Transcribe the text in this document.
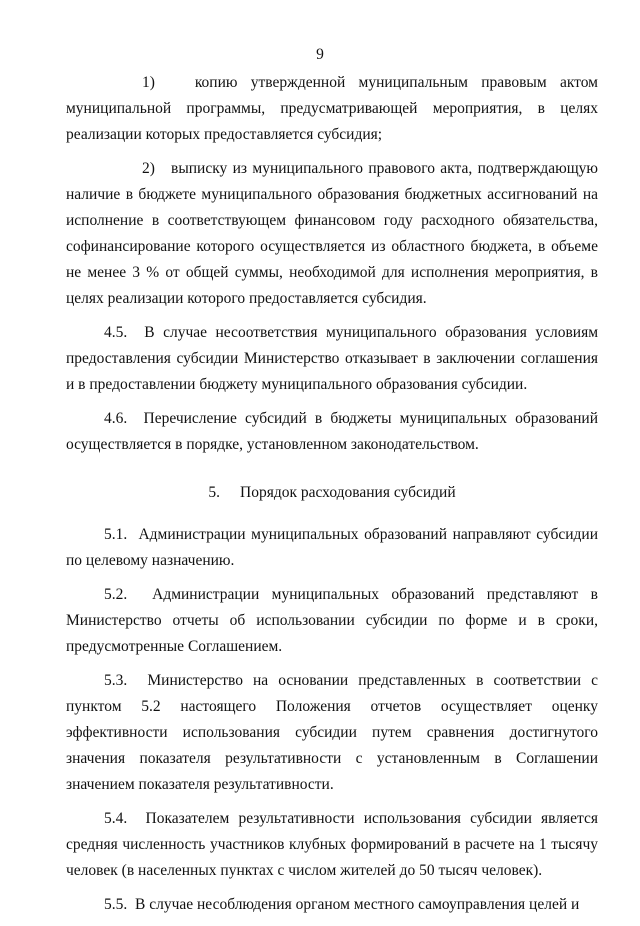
9

1)	копию утвержденной муниципальным правовым актом муниципальной программы, предусматривающей мероприятия, в целях реализации которых предоставляется субсидия;

2) выписку из муниципального правового акта, подтверждающую наличие в бюджете муниципального образования бюджетных ассигнований на исполнение в соответствующем финансовом году расходного обязательства, софинансирование которого осуществляется из областного бюджета, в объеме не менее 3 % от общей суммы, необходимой для исполнения мероприятия, в целях реализации которого предоставляется субсидия.

4.5. В случае несоответствия муниципального образования условиям предоставления субсидии Министерство отказывает в заключении соглашения и в предоставлении бюджету муниципального образования субсидии.

4.6. Перечисление субсидий в бюджеты муниципальных образований осуществляется в порядке, установленном законодательством.

5. Порядок расходования субсидий

5.1. Администрации муниципальных образований направляют субсидии по целевому назначению.

5.2. Администрации муниципальных образований представляют в Министерство отчеты об использовании субсидии по форме и в сроки, предусмотренные Соглашением.

5.3. Министерство на основании представленных в соответствии с пунктом 5.2 настоящего Положения отчетов осуществляет оценку эффективности использования субсидии путем сравнения достигнутого значения показателя результативности с установленным в Соглашении значением показателя результативности.

5.4. Показателем результативности использования субсидии является средняя численность участников клубных формирований в расчете на 1 тысячу человек (в населенных пунктах с числом жителей до 50 тысяч человек).

5.5. В случае несоблюдения органом местного самоуправления целей и
